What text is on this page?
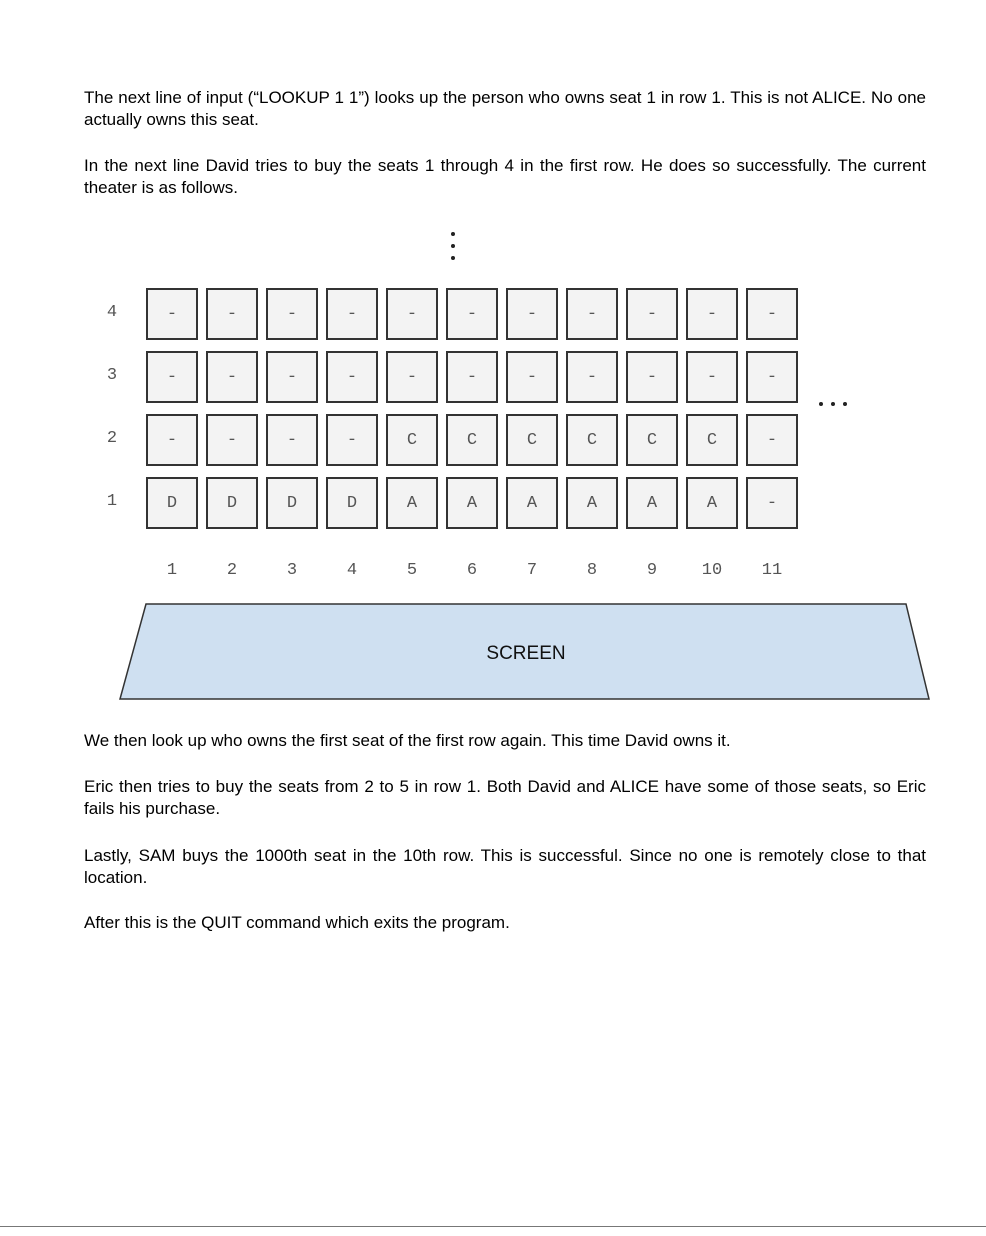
The next line of input (“LOOKUP 1 1”) looks up the person who owns seat 1 in row 1. This is not ALICE. No one actually owns this seat.

In the next line David tries to buy the seats 1 through 4 in the first row. He does so successfully. The current theater is as follows.

4	-	-	-	-	-	-	-	-	-	-	-
3	-	-	-	-	-	-	-	-	-	-	-
2	-	-	-	-	C	C	C	C	C	C	-
1	D	D	D	D	A	A	A	A	A	A	-
1	2	3	4	5	6	7	8	9	10	11
SCREEN

We then look up who owns the first seat of the first row again. This time David owns it.

Eric then tries to buy the seats from 2 to 5 in row 1. Both David and ALICE have some of those seats, so Eric fails his purchase.

Lastly, SAM buys the 1000th seat in the 10th row. This is successful. Since no one is remotely close to that location.

After this is the QUIT command which exits the program.
